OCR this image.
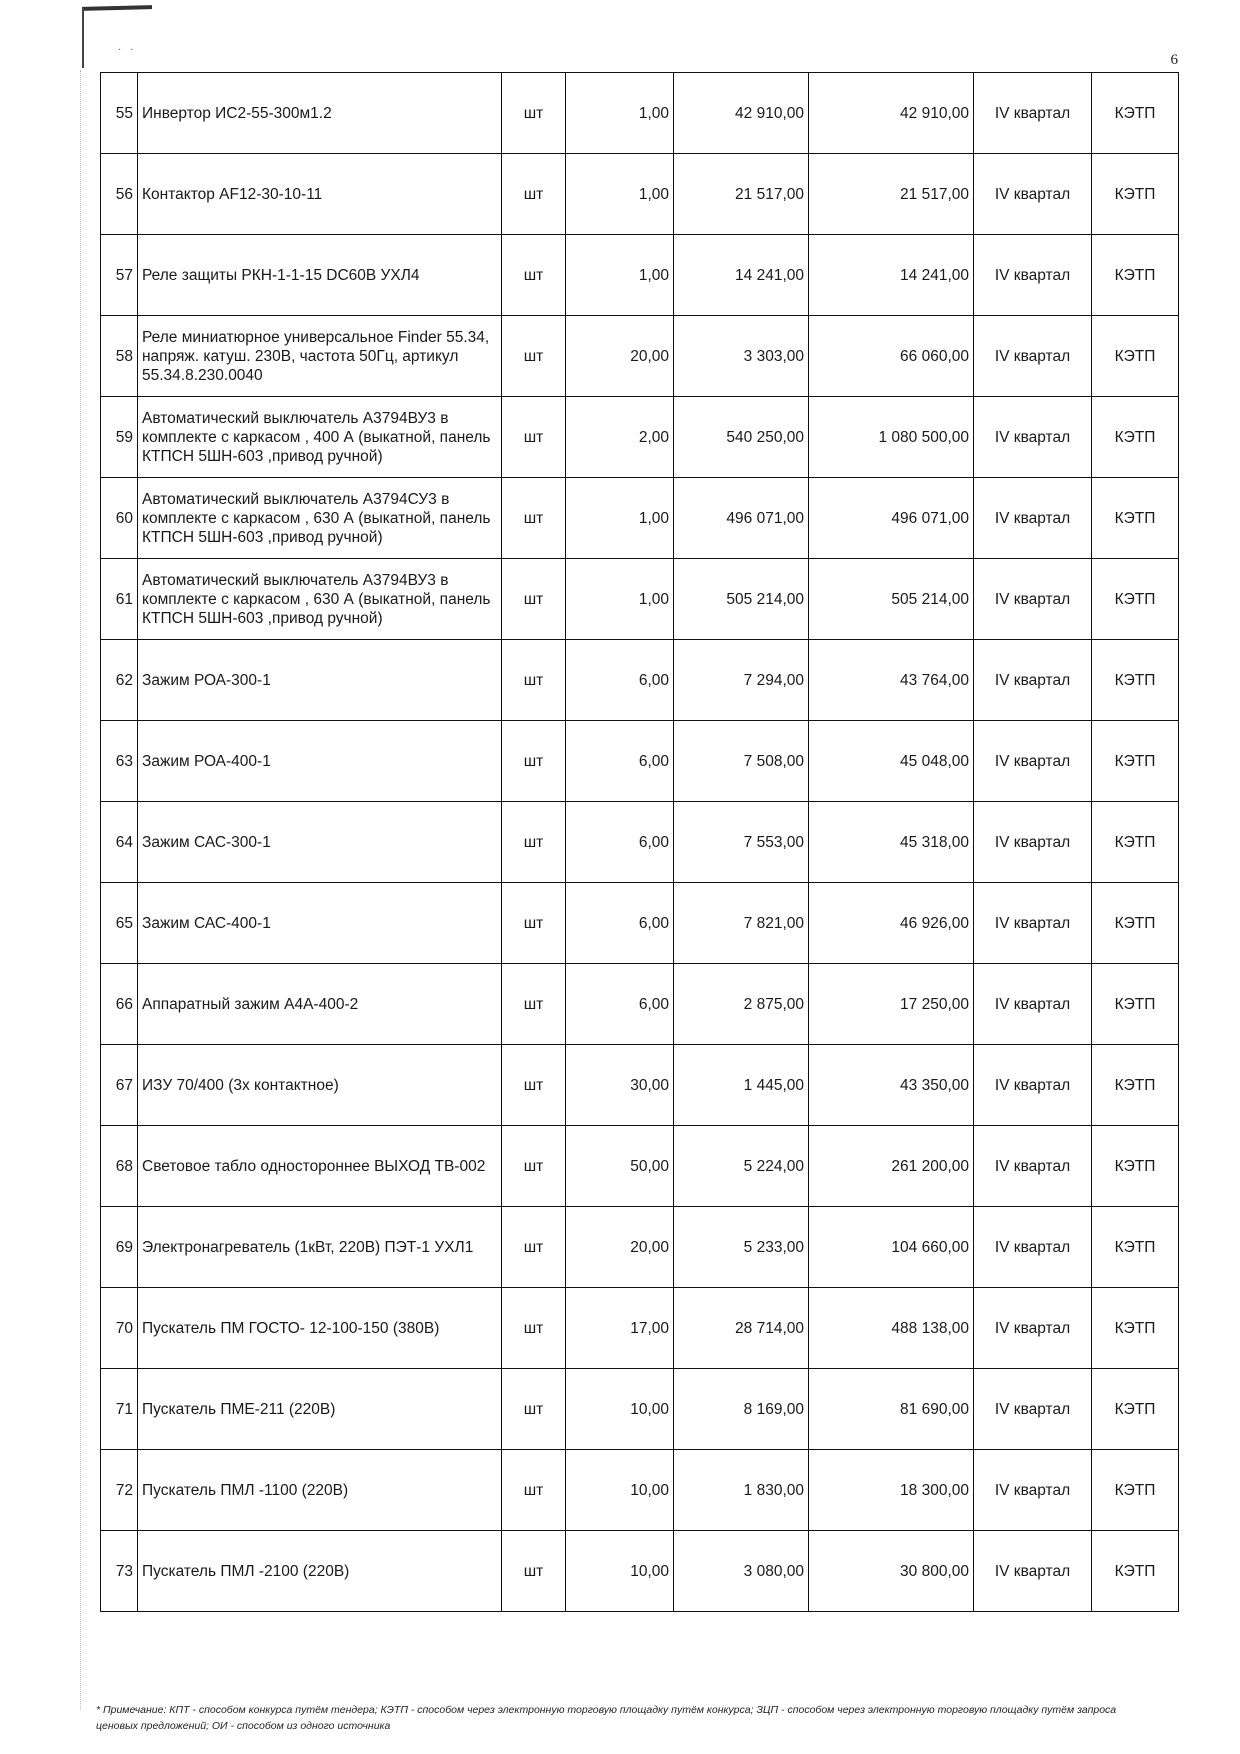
· ·
6
55	Инвертор ИС2-55-300м1.2	шт	1,00	42 910,00	42 910,00	IV квартал	КЭТП
56	Контактор AF12-30-10-11	шт	1,00	21 517,00	21 517,00	IV квартал	КЭТП
57	Реле защиты РКН-1-1-15 DC60В УХЛ4	шт	1,00	14 241,00	14 241,00	IV квартал	КЭТП
58	Реле миниатюрное универсальное Finder 55.34, напряж. катуш. 230В, частота 50Гц, артикул 55.34.8.230.0040	шт	20,00	3 303,00	66 060,00	IV квартал	КЭТП
59	Автоматический выключатель А3794ВУ3 в комплекте с каркасом , 400 А (выкатной, панель КТПСН 5ШН-603 ,привод ручной)	шт	2,00	540 250,00	1 080 500,00	IV квартал	КЭТП
60	Автоматический выключатель А3794СУ3 в комплекте с каркасом , 630 А (выкатной, панель КТПСН 5ШН-603 ,привод ручной)	шт	1,00	496 071,00	496 071,00	IV квартал	КЭТП
61	Автоматический выключатель А3794ВУ3 в комплекте с каркасом , 630 А (выкатной, панель КТПСН 5ШН-603 ,привод ручной)	шт	1,00	505 214,00	505 214,00	IV квартал	КЭТП
62	Зажим РОА-300-1	шт	6,00	7 294,00	43 764,00	IV квартал	КЭТП
63	Зажим РОА-400-1	шт	6,00	7 508,00	45 048,00	IV квартал	КЭТП
64	Зажим САС-300-1	шт	6,00	7 553,00	45 318,00	IV квартал	КЭТП
65	Зажим САС-400-1	шт	6,00	7 821,00	46 926,00	IV квартал	КЭТП
66	Аппаратный зажим А4А-400-2	шт	6,00	2 875,00	17 250,00	IV квартал	КЭТП
67	ИЗУ 70/400 (3х контактное)	шт	30,00	1 445,00	43 350,00	IV квартал	КЭТП
68	Световое табло одностороннее ВЫХОД ТВ-002	шт	50,00	5 224,00	261 200,00	IV квартал	КЭТП
69	Электронагреватель (1кВт, 220В) ПЭТ-1 УХЛ1	шт	20,00	5 233,00	104 660,00	IV квартал	КЭТП
70	Пускатель ПМ ГОСТО- 12-100-150 (380В)	шт	17,00	28 714,00	488 138,00	IV квартал	КЭТП
71	Пускатель ПМЕ-211 (220В)	шт	10,00	8 169,00	81 690,00	IV квартал	КЭТП
72	Пускатель ПМЛ -1100 (220В)	шт	10,00	1 830,00	18 300,00	IV квартал	КЭТП
73	Пускатель ПМЛ -2100 (220В)	шт	10,00	3 080,00	30 800,00	IV квартал	КЭТП
* Примечание: КПТ - способом конкурса путём тендера; КЭТП - способом через электронную торговую площадку путём конкурса; ЗЦП - способом через электронную торговую площадку путём запроса ценовых предложений; ОИ - способом из одного источника
